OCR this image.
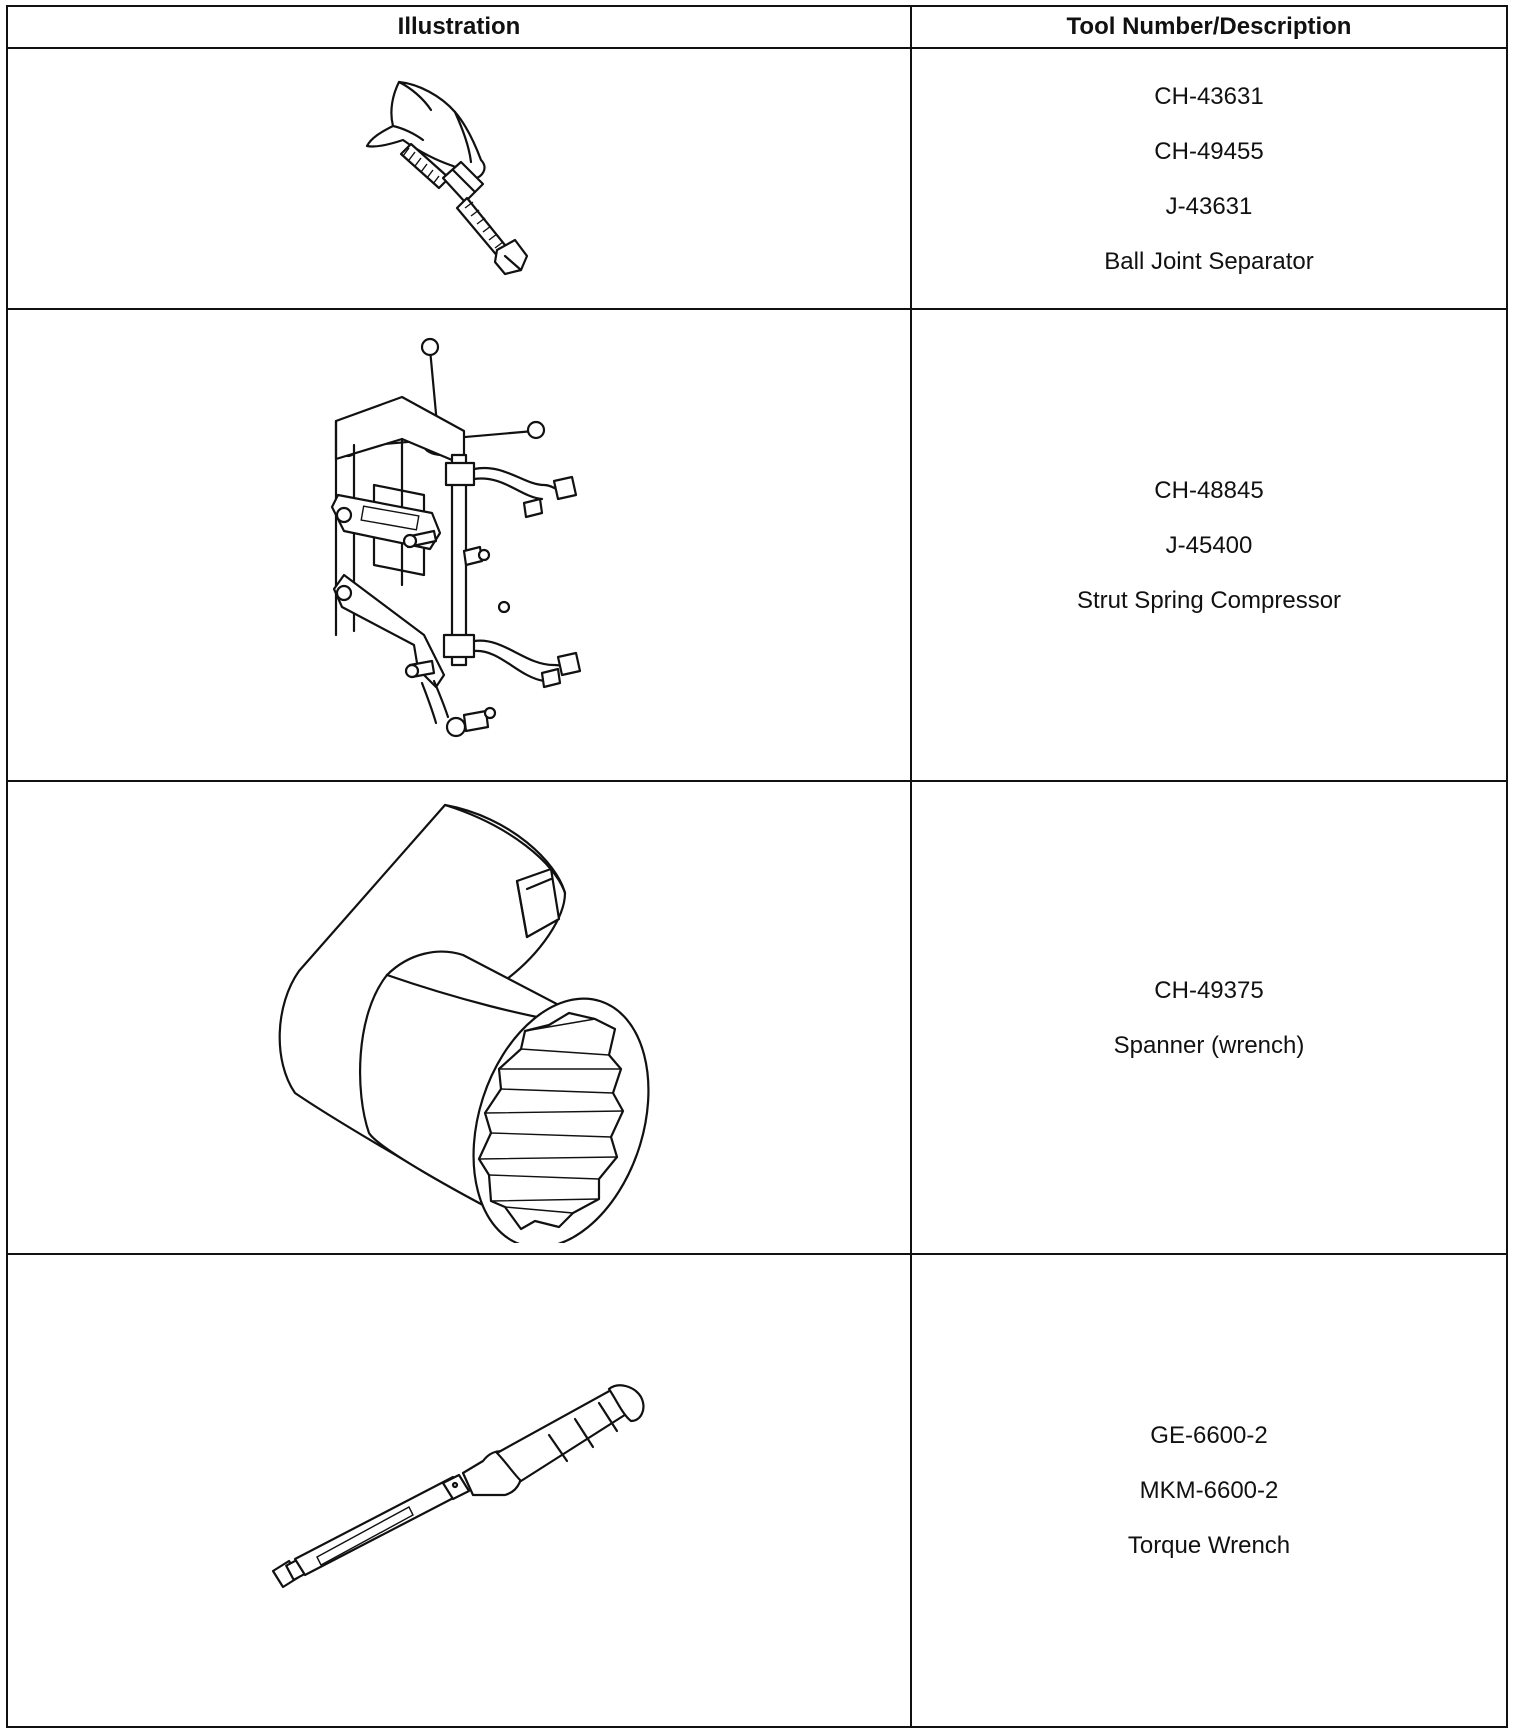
Illustration	Tool Number/Description

CH-43631
CH-49455
J-43631
Ball Joint Separator

CH-48845
J-45400
Strut Spring Compressor

CH-49375
Spanner (wrench)

GE-6600-2
MKM-6600-2
Torque Wrench
